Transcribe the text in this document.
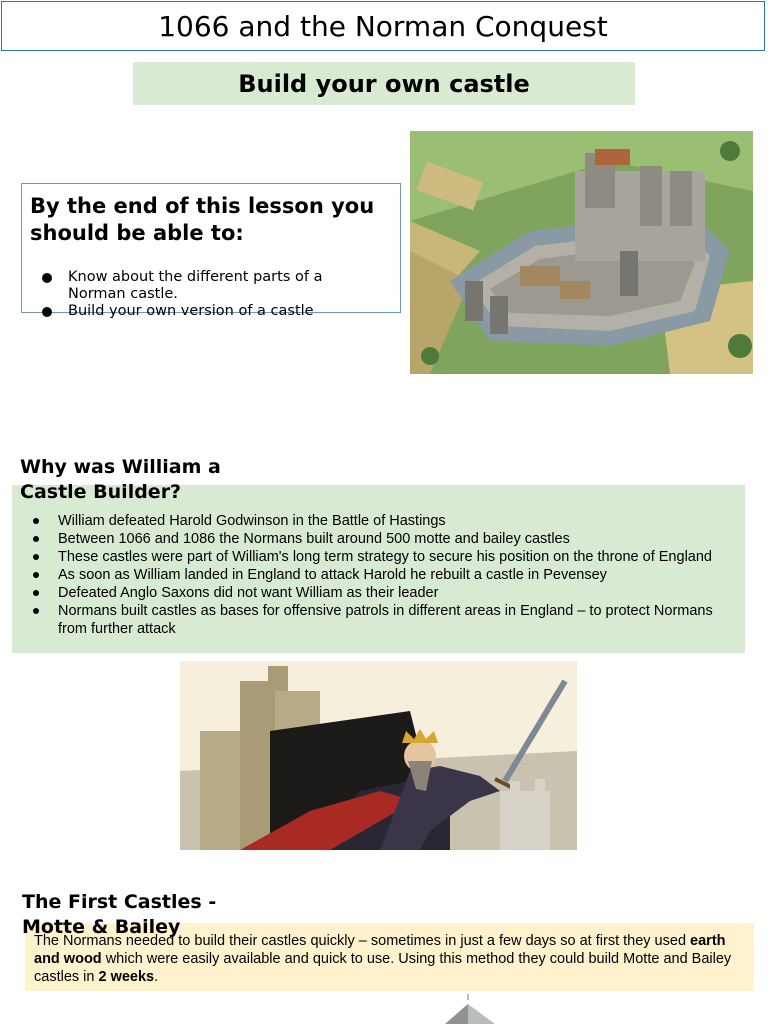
1066 and the Norman Conquest
Build your own castle
By the end of this lesson you should be able to:
Know about the different parts of a Norman castle.
Build your own version of a castle
Why was William a Castle Builder?
William defeated Harold Godwinson in the Battle of Hastings
Between 1066 and 1086 the Normans built around 500 motte and bailey castles
These castles were part of William's long term strategy to secure his position on the throne of England
As soon as William landed in England to attack Harold he rebuilt a castle in Pevensey
Defeated Anglo Saxons did not want William as their leader
Normans built castles as bases for offensive patrols in different areas in England – to protect Normans from further attack
The First Castles - Motte & Bailey
The Normans needed to build their castles quickly – sometimes in just a few days so at first they used earth and wood which were easily available and quick to use. Using this method they could build Motte and Bailey castles in 2 weeks.
